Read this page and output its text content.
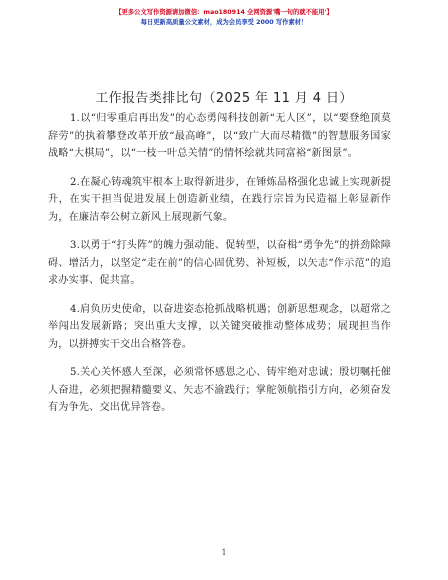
【更多公文写作资源请加微信：mao180914 全网资源'嘴一句的就不能用'】
每日更新高质量公文素材，成为会员享受 2000 写作素材！
工作报告类排比句（2025 年 11 月 4 日）

1.以“归零重启再出发”的心态勇闯科技创新“无人区”，以“要登绝顶莫辞劳”的执着攀登改革开放“最高峰”，以“致广大而尽精微”的智慧服务国家战略“大棋局”，以“一枝一叶总关情”的情怀绘就共同富裕“新图景”。

2.在凝心铸魂筑牢根本上取得新进步，在锤炼品格强化忠诚上实现新提升，在实干担当促进发展上创造新业绩，在践行宗旨为民造福上彰显新作为，在廉洁奉公树立新风上展现新气象。

3.以勇于“打头阵”的魄力强动能、促转型，以奋楫“勇争先”的拼劲除障碍、增活力，以坚定“走在前”的信心固优势、补短板，以矢志“作示范”的追求办实事、促共富。

4.肩负历史使命，以奋进姿态抢抓战略机遇；创新思想观念，以超常之举闯出发展新路；突出重大支撑，以关键突破推动整体成势；展现担当作为，以拼搏实干交出合格答卷。

5.关心关怀感人至深，必须常怀感恩之心、铸牢绝对忠诚；殷切嘱托催人奋进，必须把握精髓要义、矢志不渝践行；掌舵领航指引方向，必须奋发有为争先、交出优异答卷。

1
